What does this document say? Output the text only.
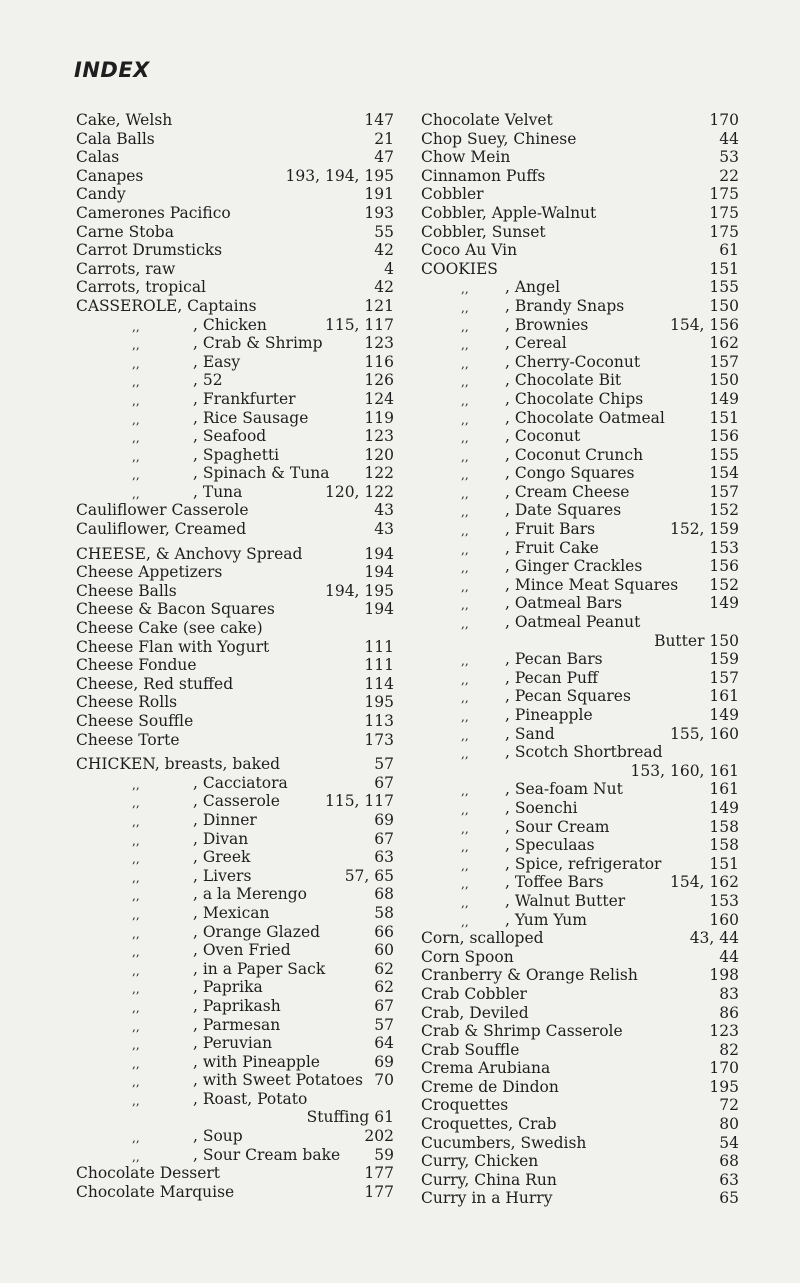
INDEX
Cake, Welsh	147
Cala Balls	21
Calas	47
Canapes	193, 194, 195
Candy	191
Camerones Pacifico	193
Carne Stoba	55
Carrot Drumsticks	42
Carrots, raw	4
Carrots, tropical	42
CASSEROLE, Captains	121
,,	, Chicken	115, 117
,,	, Crab & Shrimp	123
,,	, Easy	116
,,	, 52	126
,,	, Frankfurter	124
,,	, Rice Sausage	119
,,	, Seafood	123
,,	, Spaghetti	120
,,	, Spinach & Tuna 122
,,	, Tuna	120, 122
Cauliflower Casserole	43
Cauliflower, Creamed	43
CHEESE, & Anchovy Spread	194
Cheese Appetizers	194
Cheese Balls	194, 195
Cheese & Bacon Squares	194
Cheese Cake (see cake)
Cheese Flan with Yogurt	111
Cheese Fondue	111
Cheese, Red stuffed	114
Cheese Rolls	195
Cheese Souffle	113
Cheese Torte	173
CHICKEN, breasts, baked	57
,,	, Cacciatora	67
,,	, Casserole	115, 117
,,	, Dinner	69
,,	, Divan	67
,,	, Greek	63
,,	, Livers	57, 65
,,	, a la Merengo	68
,,	, Mexican	58
,,	, Orange Glazed	66
,,	, Oven Fried	60
,,	, in a Paper Sack	62
,,	, Paprika	62
,,	, Paprikash	67
,,	, Parmesan	57
,,	, Peruvian	64
,,	, with Pineapple	69
,,	, with Sweet Potatoes 70
,,	, Roast, Potato
Stuffing 61
,,	, Soup	202
,,	, Sour Cream bake 59
Chocolate Dessert	177
Chocolate Marquise	177
Chocolate Velvet	170
Chop Suey, Chinese	44
Chow Mein	53
Cinnamon Puffs	22
Cobbler	175
Cobbler, Apple-Walnut	175
Cobbler, Sunset	175
Coco Au Vin	61
COOKIES	151
,, , Angel	155
,, , Brandy Snaps	150
,, , Brownies	154, 156
,, , Cereal	162
,, , Cherry-Coconut	157
,, , Chocolate Bit	150
,, , Chocolate Chips	149
,, , Chocolate Oatmeal	151
,, , Coconut	156
,, , Coconut Crunch	155
,, , Congo Squares	154
,, , Cream Cheese	157
,, , Date Squares	152
,, , Fruit Bars	152, 159
,, , Fruit Cake	153
,, , Ginger Crackles	156
,, , Mince Meat Squares 152
,, , Oatmeal Bars	149
,, , Oatmeal Peanut
Butter 150
,, , Pecan Bars	159
,, , Pecan Puff	157
,, , Pecan Squares	161
,, , Pineapple	149
,, , Sand	155, 160
,, , Scotch Shortbread
153, 160, 161
,, , Sea-foam Nut	161
,, , Soenchi	149
,, , Sour Cream	158
,, , Speculaas	158
,, , Spice, refrigerator	151
,, , Toffee Bars	154, 162
,, , Walnut Butter	153
,, , Yum Yum	160
Corn, scalloped	43, 44
Corn Spoon	44
Cranberry & Orange Relish	198
Crab Cobbler	83
Crab, Deviled	86
Crab & Shrimp Casserole	123
Crab Souffle	82
Crema Arubiana	170
Creme de Dindon	195
Croquettes	72
Croquettes, Crab	80
Cucumbers, Swedish	54
Curry, Chicken	68
Curry, China Run	63
Curry in a Hurry	65
